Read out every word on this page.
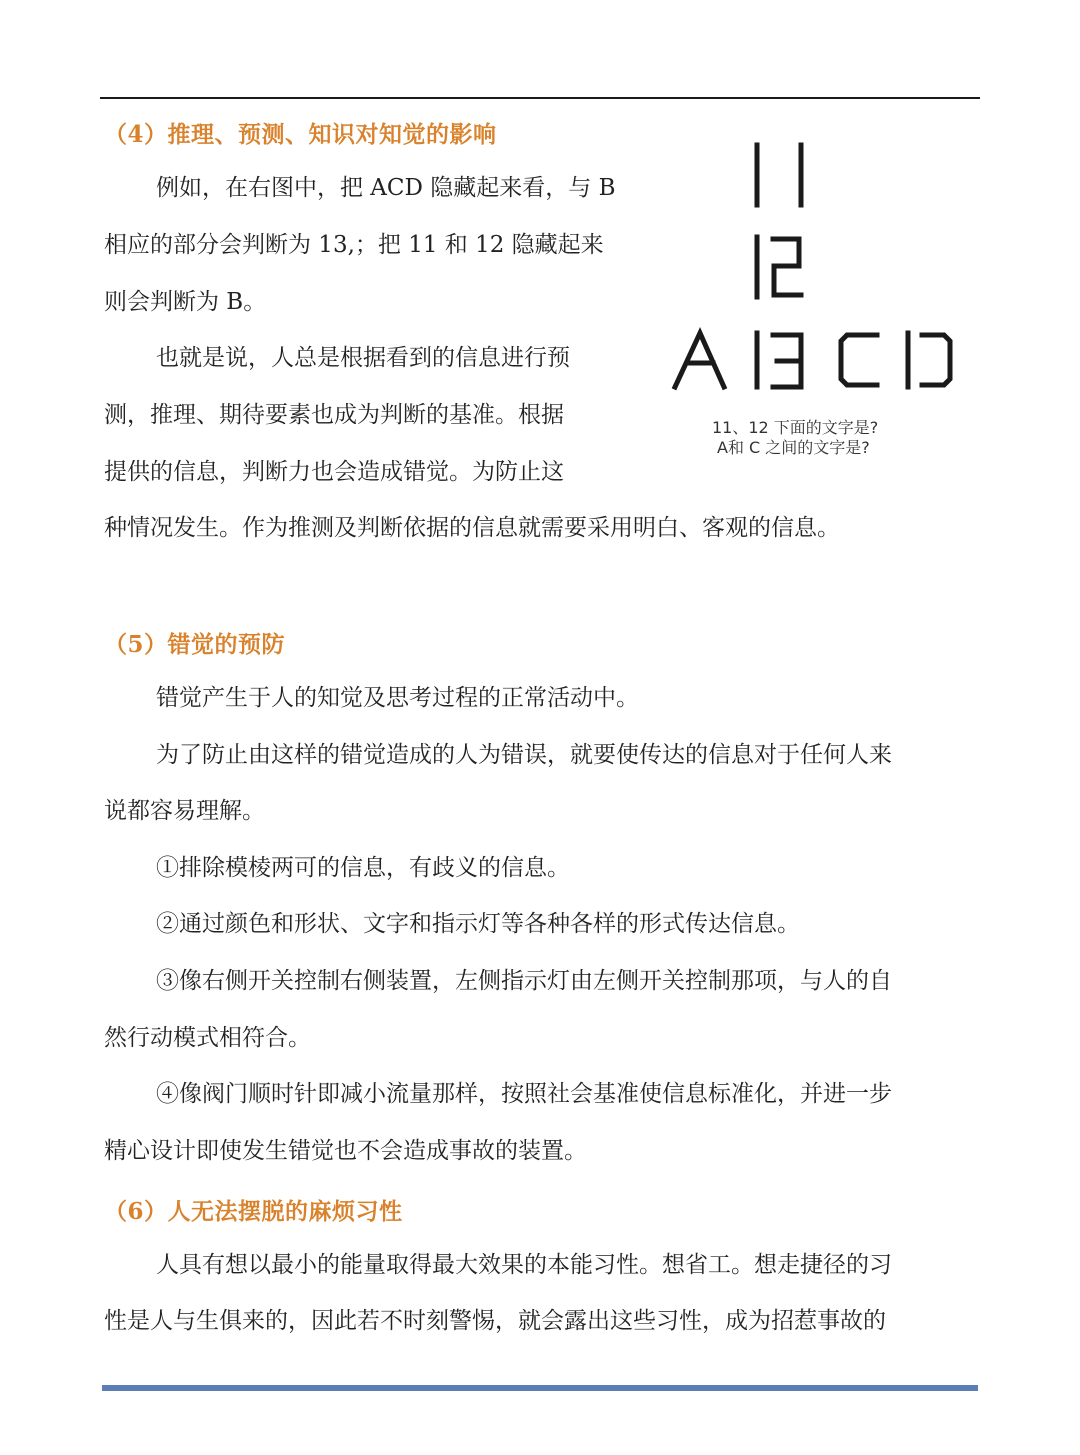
（4）推理、预测、知识对知觉的影响
例如，在右图中，把 ACD 隐藏起来看，与 B
相应的部分会判断为 13,；把 11 和 12 隐藏起来
则会判断为 B。
也就是说，人总是根据看到的信息进行预
测，推理、期待要素也成为判断的基准。根据
提供的信息，判断力也会造成错觉。为防止这
种情况发生。作为推测及判断依据的信息就需要采用明白、客观的信息。
11、12 下面的文字是?
A和 C 之间的文字是?
（5）错觉的预防
错觉产生于人的知觉及思考过程的正常活动中。
为了防止由这样的错觉造成的人为错误，就要使传达的信息对于任何人来
说都容易理解。
①排除模棱两可的信息，有歧义的信息。
②通过颜色和形状、文字和指示灯等各种各样的形式传达信息。
③像右侧开关控制右侧装置，左侧指示灯由左侧开关控制那项，与人的自
然行动模式相符合。
④像阀门顺时针即减小流量那样，按照社会基准使信息标准化，并进一步
精心设计即使发生错觉也不会造成事故的装置。
（6）人无法摆脱的麻烦习性
人具有想以最小的能量取得最大效果的本能习性。想省工。想走捷径的习
性是人与生俱来的，因此若不时刻警惕，就会露出这些习性，成为招惹事故的
